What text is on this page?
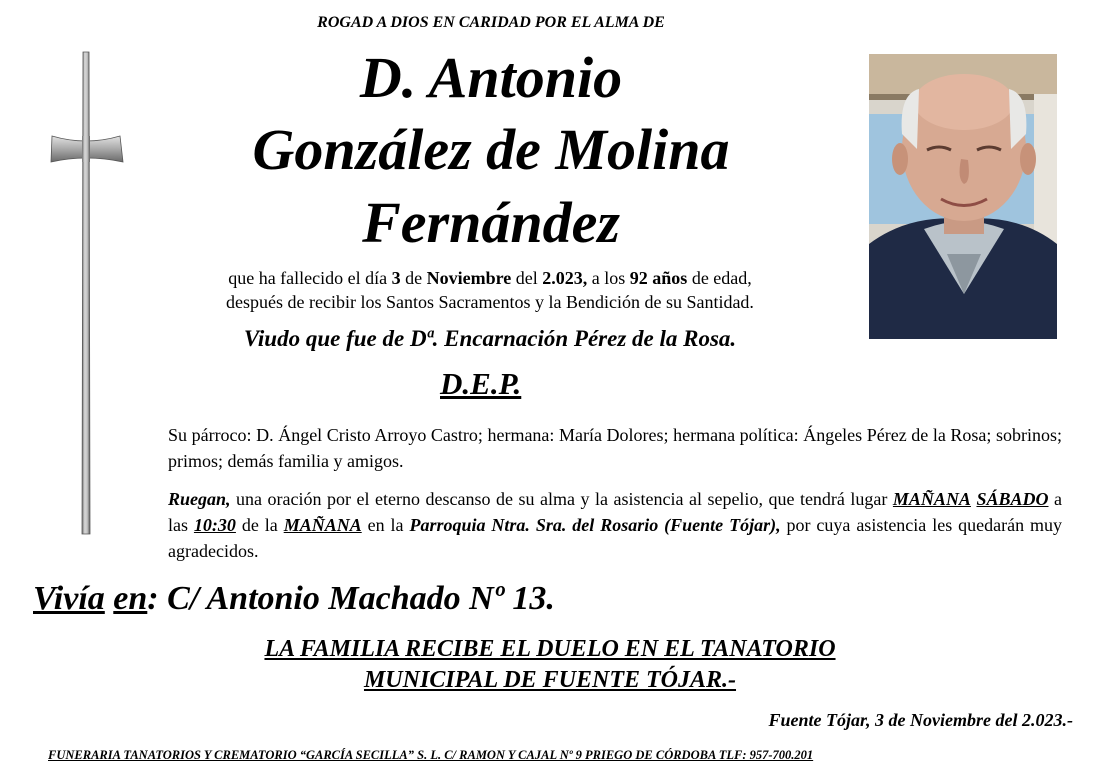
ROGAD A DIOS EN CARIDAD POR EL ALMA DE
D. Antonio
González de Molina
Fernández
que ha fallecido el día 3 de Noviembre del 2.023, a los 92 años de edad,
después de recibir los Santos Sacramentos y la Bendición de su Santidad.
Viudo que fue de Dª. Encarnación Pérez de la Rosa.
D.E.P.
Su párroco: D. Ángel Cristo Arroyo Castro; hermana: María Dolores; hermana política: Ángeles Pérez de la Rosa; sobrinos; primos; demás familia y amigos.
Ruegan, una oración por el eterno descanso de su alma y la asistencia al sepelio, que tendrá lugar MAÑANA SÁBADO a las 10:30 de la MAÑANA en la Parroquia Ntra. Sra. del Rosario (Fuente Tójar), por cuya asistencia les quedarán muy agradecidos.
Vivía en: C/ Antonio Machado Nº 13.
LA FAMILIA RECIBE EL DUELO EN EL TANATORIO
MUNICIPAL DE FUENTE TÓJAR.-
Fuente Tójar, 3 de Noviembre del 2.023.-
FUNERARIA TANATORIOS Y CREMATORIO “GARCÍA SECILLA” S. L. C/ RAMON Y CAJAL Nº 9 PRIEGO DE CÓRDOBA TLF: 957-700.201
